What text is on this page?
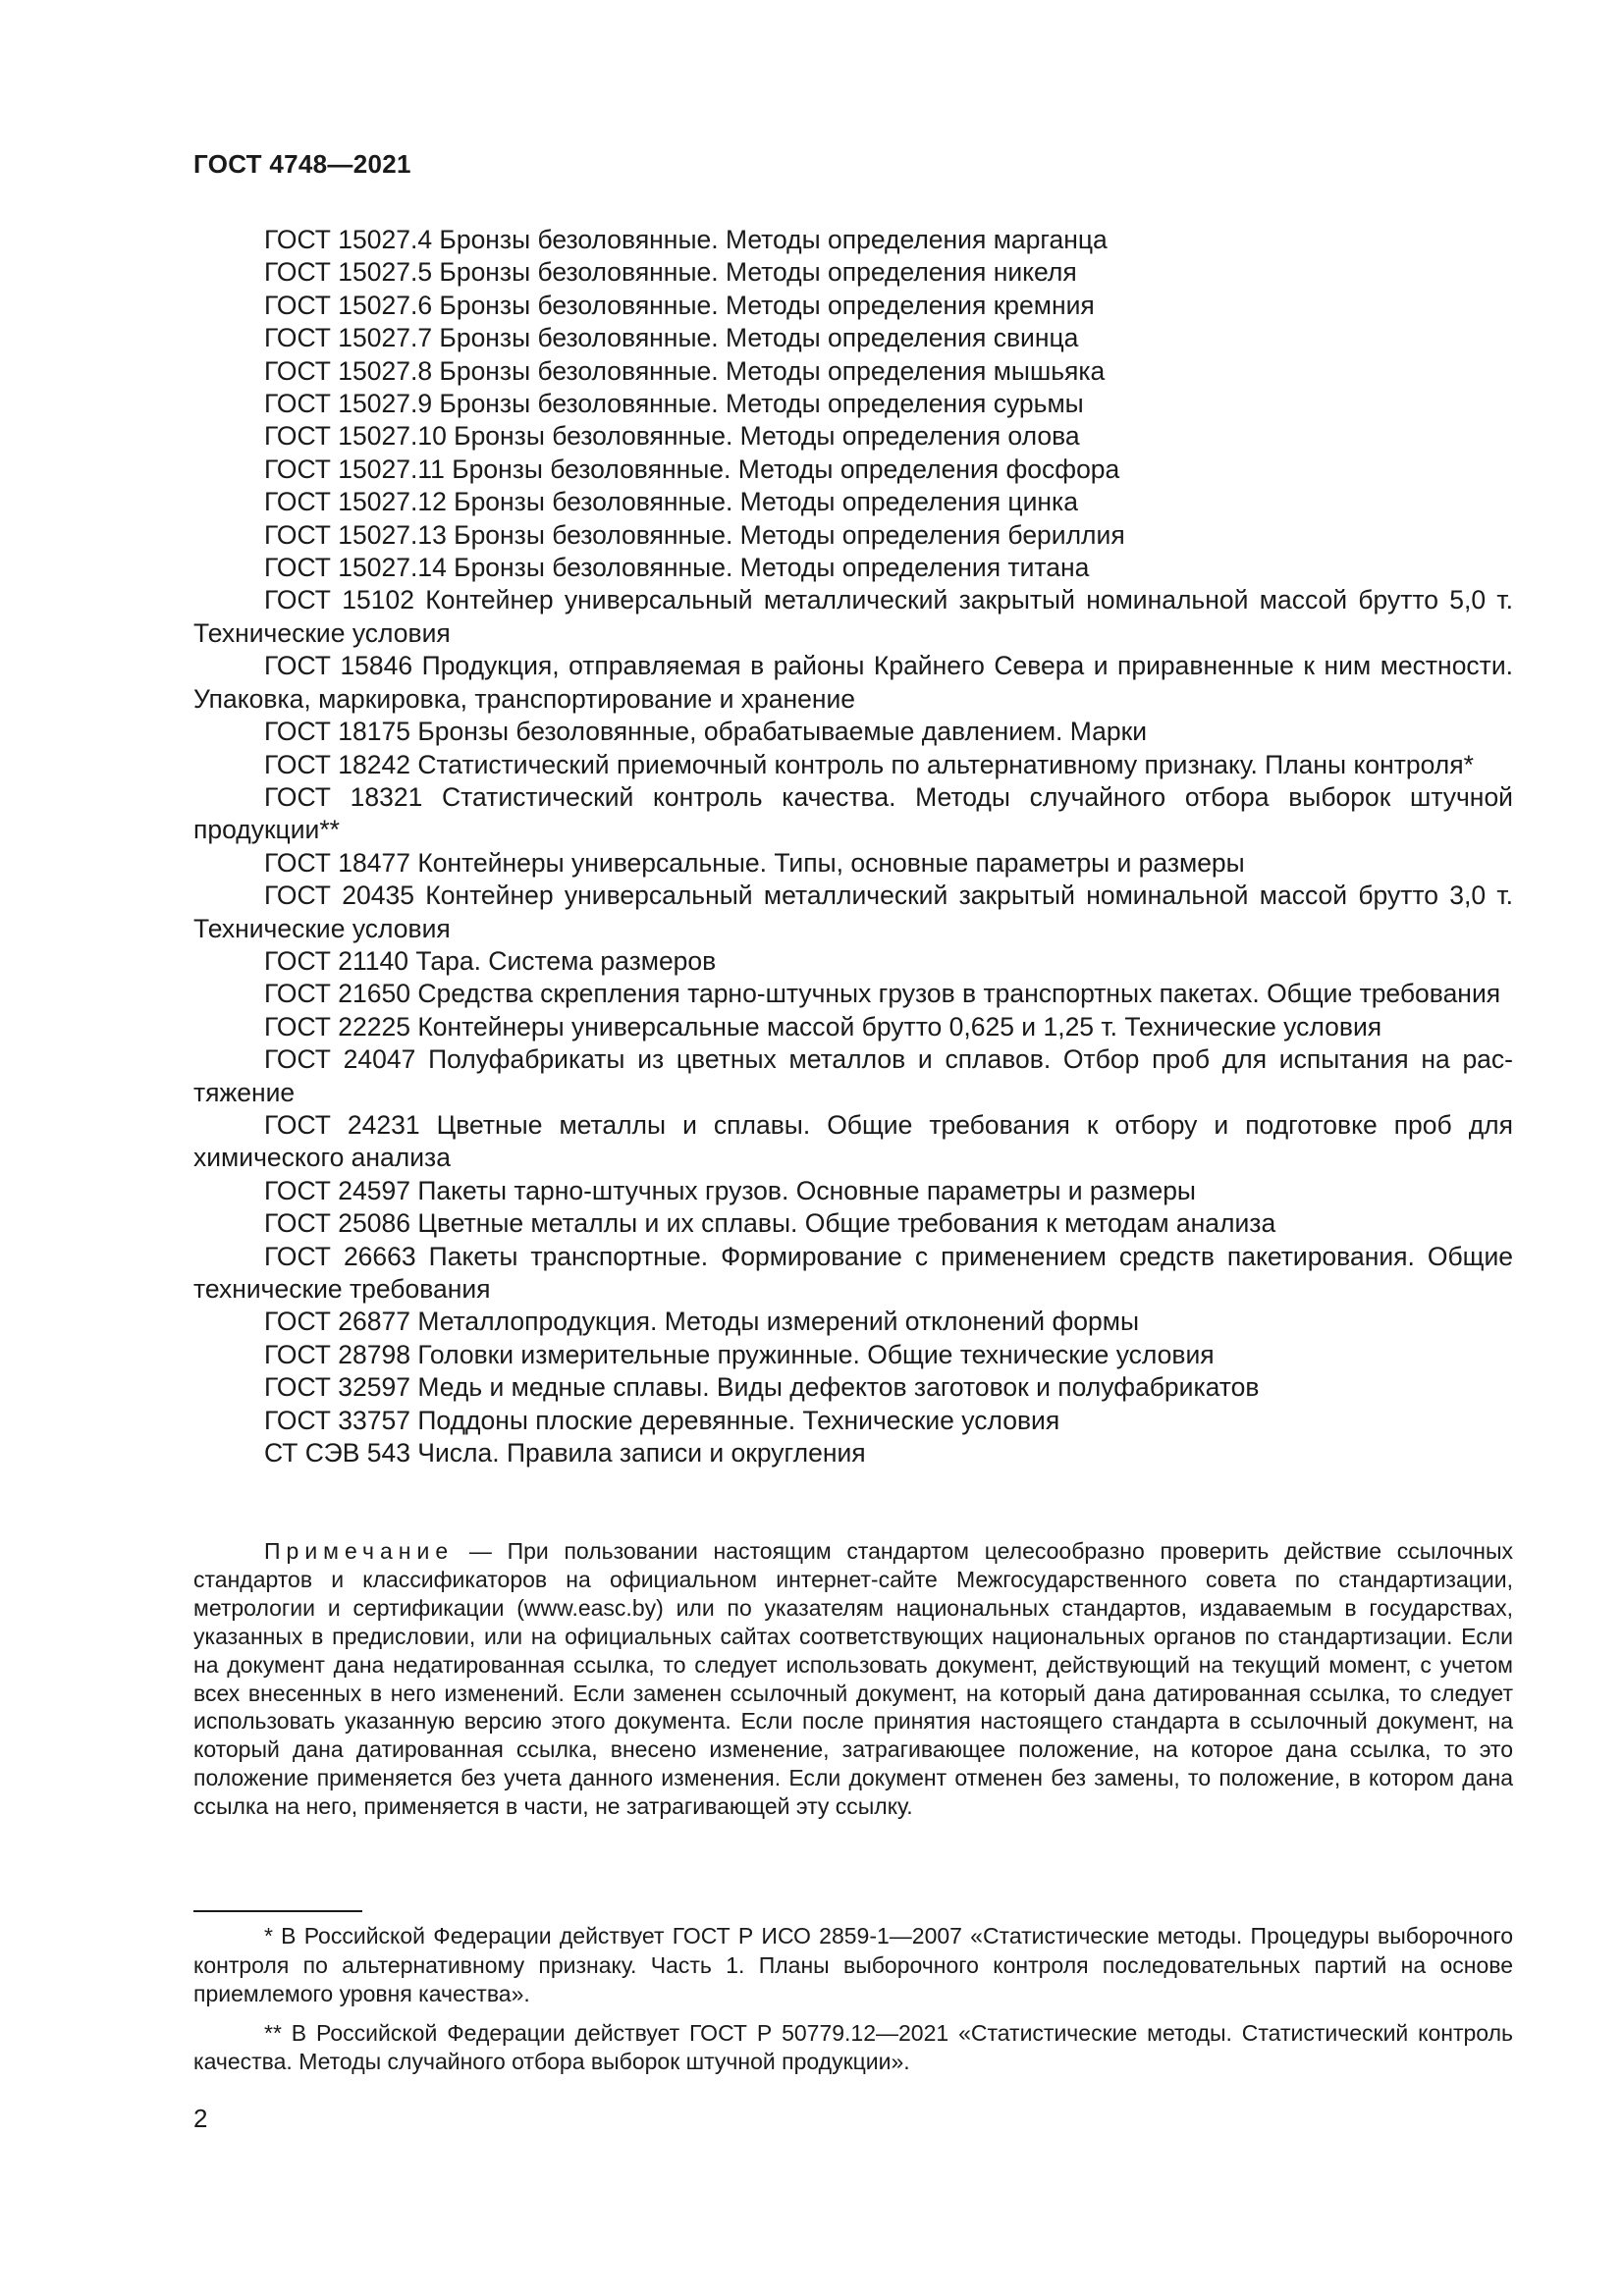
ГОСТ 4748—2021

ГОСТ 15027.4 Бронзы безоловянные. Методы определения марганца

ГОСТ 15027.5 Бронзы безоловянные. Методы определения никеля

ГОСТ 15027.6 Бронзы безоловянные. Методы определения кремния

ГОСТ 15027.7 Бронзы безоловянные. Методы определения свинца

ГОСТ 15027.8 Бронзы безоловянные. Методы определения мышьяка

ГОСТ 15027.9 Бронзы безоловянные. Методы определения сурьмы

ГОСТ 15027.10 Бронзы безоловянные. Методы определения олова

ГОСТ 15027.11 Бронзы безоловянные. Методы определения фосфора

ГОСТ 15027.12 Бронзы безоловянные. Методы определения цинка

ГОСТ 15027.13 Бронзы безоловянные. Методы определения бериллия

ГОСТ 15027.14 Бронзы безоловянные. Методы определения титана

ГОСТ 15102 Контейнер универсальный металлический закрытый номинальной массой брутто 5,0 т. Технические условия

ГОСТ 15846 Продукция, отправляемая в районы Крайнего Севера и приравненные к ним местности. Упаковка, маркировка, транспортирование и хранение

ГОСТ 18175 Бронзы безоловянные, обрабатываемые давлением. Марки

ГОСТ 18242 Статистический приемочный контроль по альтернативному признаку. Планы контроля*

ГОСТ 18321 Статистический контроль качества. Методы случайного отбора выборок штучной продукции**

ГОСТ 18477 Контейнеры универсальные. Типы, основные параметры и размеры

ГОСТ 20435 Контейнер универсальный металлический закрытый номинальной массой брутто 3,0 т. Технические условия

ГОСТ 21140 Тара. Система размеров

ГОСТ 21650 Средства скрепления тарно-штучных грузов в транспортных пакетах. Общие требования

ГОСТ 22225 Контейнеры универсальные массой брутто 0,625 и 1,25 т. Технические условия

ГОСТ 24047 Полуфабрикаты из цветных металлов и сплавов. Отбор проб для испытания на растяжение

ГОСТ 24231 Цветные металлы и сплавы. Общие требования к отбору и подготовке проб для химического анализа

ГОСТ 24597 Пакеты тарно-штучных грузов. Основные параметры и размеры

ГОСТ 25086 Цветные металлы и их сплавы. Общие требования к методам анализа

ГОСТ 26663 Пакеты транспортные. Формирование с применением средств пакетирования. Общие технические требования

ГОСТ 26877 Металлопродукция. Методы измерений отклонений формы

ГОСТ 28798 Головки измерительные пружинные. Общие технические условия

ГОСТ 32597 Медь и медные сплавы. Виды дефектов заготовок и полуфабрикатов

ГОСТ 33757 Поддоны плоские деревянные. Технические условия

СТ СЭВ 543 Числа. Правила записи и округления

Примечание — При пользовании настоящим стандартом целесообразно проверить действие ссылочных стандартов и классификаторов на официальном интернет-сайте Межгосударственного совета по стандартизации, метрологии и сертификации (www.easc.by) или по указателям национальных стандартов, издаваемым в государствах, указанных в предисловии, или на официальных сайтах соответствующих национальных органов по стандартизации. Если на документ дана недатированная ссылка, то следует использовать документ, действующий на текущий момент, с учетом всех внесенных в него изменений. Если заменен ссылочный документ, на который дана датированная ссылка, то следует использовать указанную версию этого документа. Если после принятия настоящего стандарта в ссылочный документ, на который дана датированная ссылка, внесено изменение, затрагивающее положение, на которое дана ссылка, то это положение применяется без учета данного изменения. Если документ отменен без замены, то положение, в котором дана ссылка на него, применяется в части, не затрагивающей эту ссылку.

* В Российской Федерации действует ГОСТ Р ИСО 2859-1—2007 «Статистические методы. Процедуры выборочного контроля по альтернативному признаку. Часть 1. Планы выборочного контроля последовательных партий на основе приемлемого уровня качества».

** В Российской Федерации действует ГОСТ Р 50779.12—2021 «Статистические методы. Статистический контроль качества. Методы случайного отбора выборок штучной продукции».

2
